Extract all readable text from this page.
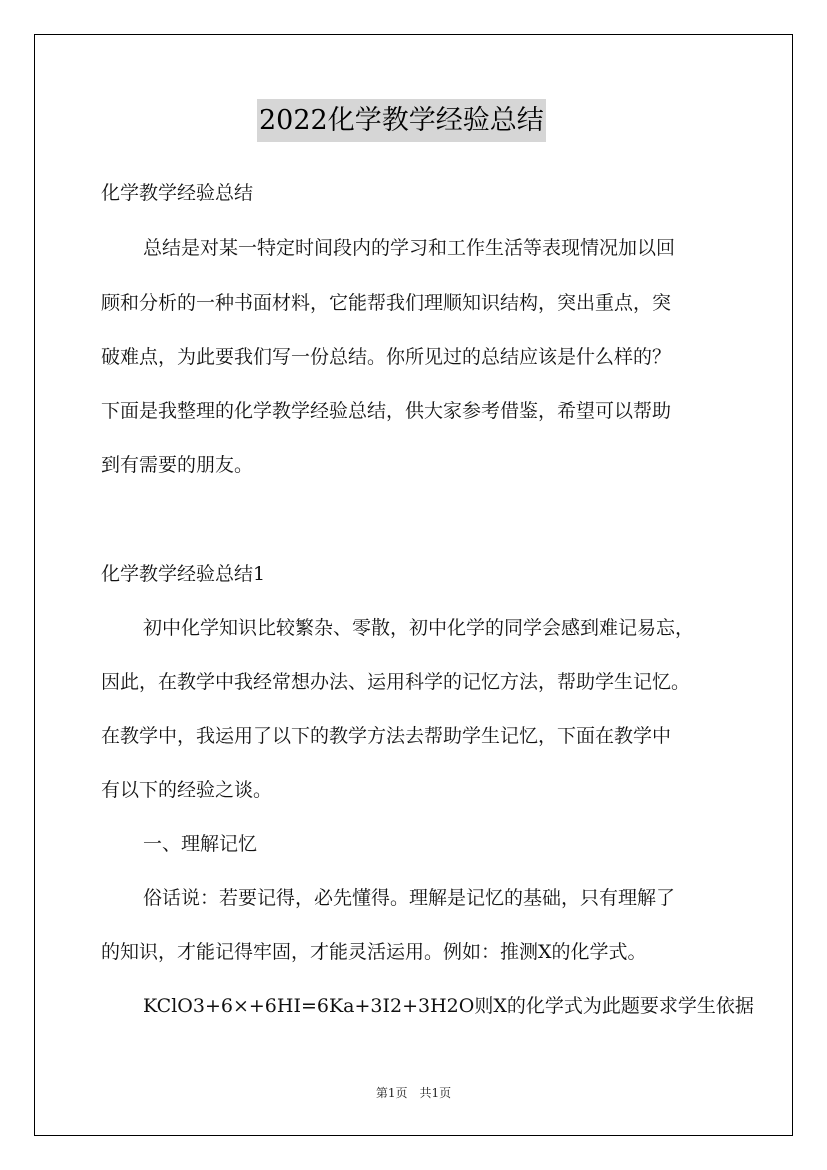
2022化学教学经验总结
化学教学经验总结
总结是对某一特定时间段内的学习和工作生活等表现情况加以回
顾和分析的一种书面材料，它能帮我们理顺知识结构，突出重点，突
破难点，为此要我们写一份总结。你所见过的总结应该是什么样的？
下面是我整理的化学教学经验总结，供大家参考借鉴，希望可以帮助
到有需要的朋友。
化学教学经验总结1
初中化学知识比较繁杂、零散，初中化学的同学会感到难记易忘，
因此，在教学中我经常想办法、运用科学的记忆方法，帮助学生记忆。
在教学中，我运用了以下的教学方法去帮助学生记忆，下面在教学中
有以下的经验之谈。
一、理解记忆
俗话说：若要记得，必先懂得。理解是记忆的基础，只有理解了
的知识，才能记得牢固，才能灵活运用。例如：推测X的化学式。
KClO3+6×+6HI=6Ka+3I2+3H2O则X的化学式为此题要求学生依据
第1页　共1页
